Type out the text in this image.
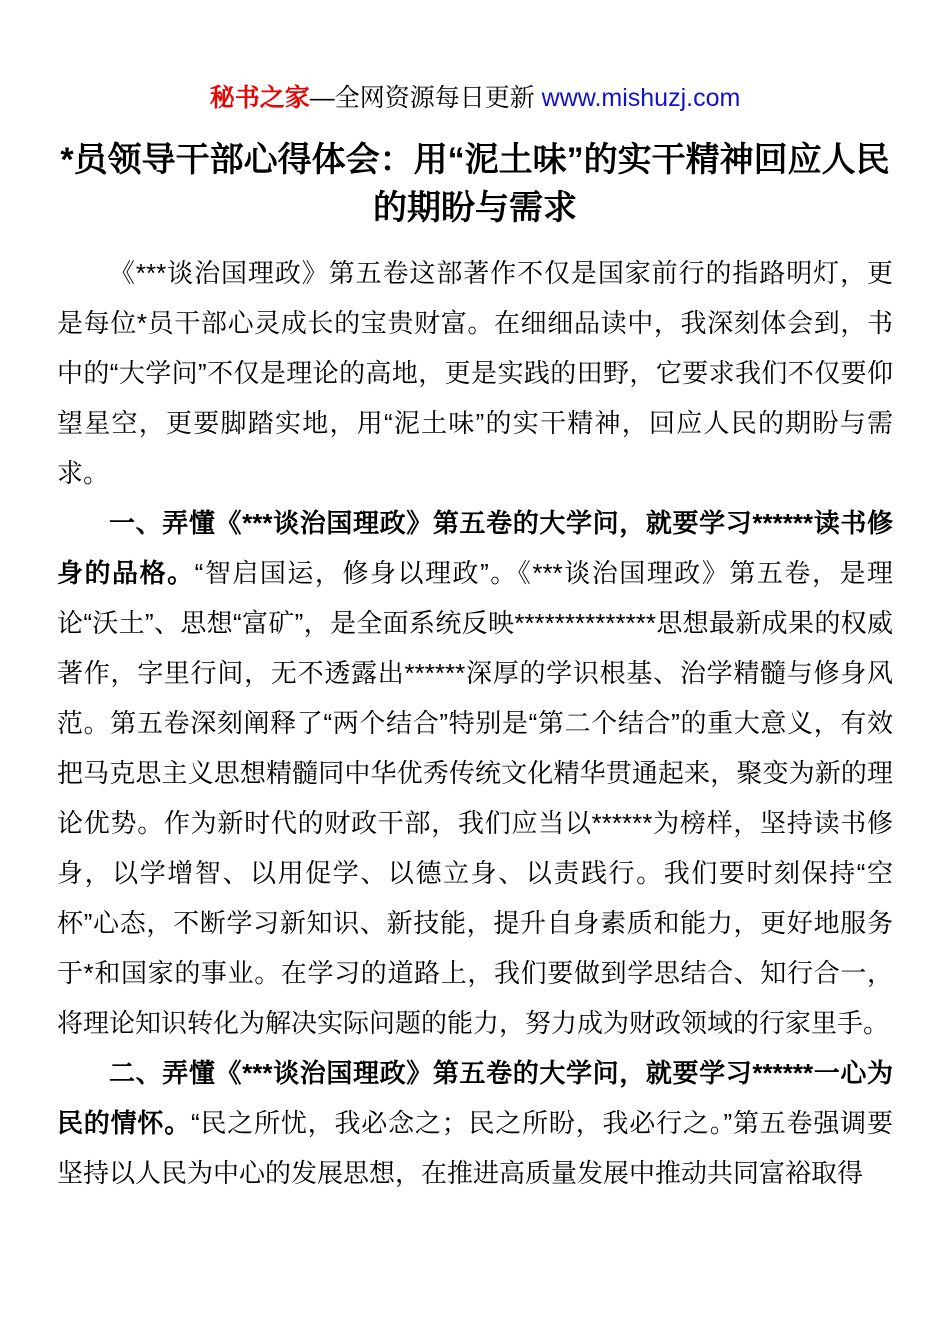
秘书之家—全网资源每日更新 www.mishuzj.com
*员领导干部心得体会：用“泥土味”的实干精神回应人民的期盼与需求

《***谈治国理政》第五卷这部著作不仅是国家前行的指路明灯，更是每位*员干部心灵成长的宝贵财富。在细细品读中，我深刻体会到，书中的“大学问”不仅是理论的高地，更是实践的田野，它要求我们不仅要仰望星空，更要脚踏实地，用“泥土味”的实干精神，回应人民的期盼与需求。

一、弄懂《***谈治国理政》第五卷的大学问，就要学习******读书修身的品格。“智启国运，修身以理政”。《***谈治国理政》第五卷，是理论“沃土”、思想“富矿”，是全面系统反映**************思想最新成果的权威著作，字里行间，无不透露出******深厚的学识根基、治学精髓与修身风范。第五卷深刻阐释了“两个结合”特别是“第二个结合”的重大意义，有效把马克思主义思想精髓同中华优秀传统文化精华贯通起来，聚变为新的理论优势。作为新时代的财政干部，我们应当以******为榜样，坚持读书修身，以学增智、以用促学、以德立身、以责践行。我们要时刻保持“空杯”心态，不断学习新知识、新技能，提升自身素质和能力，更好地服务于*和国家的事业。在学习的道路上，我们要做到学思结合、知行合一，将理论知识转化为解决实际问题的能力，努力成为财政领域的行家里手。

二、弄懂《***谈治国理政》第五卷的大学问，就要学习******一心为民的情怀。“民之所忧，我必念之；民之所盼，我必行之。”第五卷强调要坚持以人民为中心的发展思想，在推进高质量发展中推动共同富裕取得
